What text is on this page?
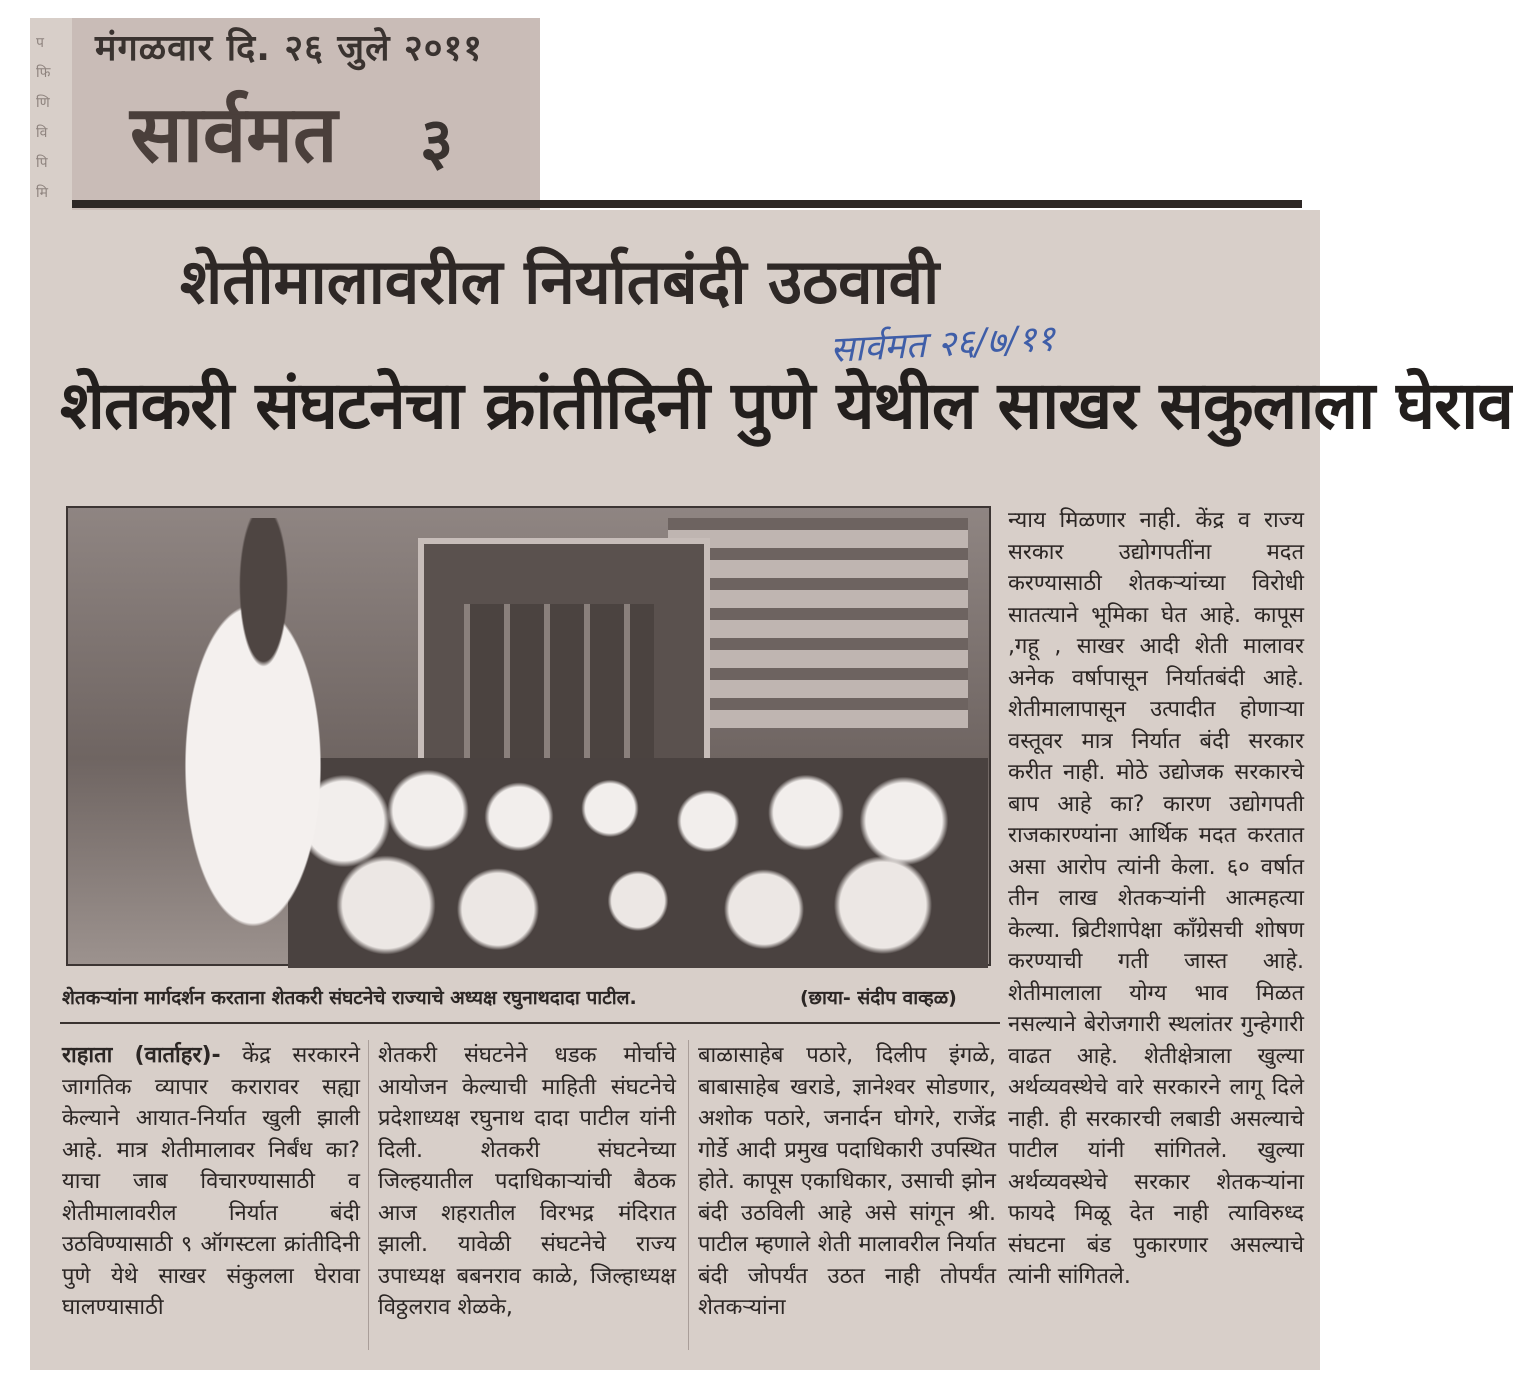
मंगळवार दि. २६ जुले २०११
सार्वमत ३
प
फि
णि
वि
पि
मि
शेतीमालावरील निर्यातबंदी उठवावी
सार्वमत २६/७/११
शेतकरी संघटनेचा क्रांतीदिनी पुणे येथील साखर सकुलाला घेराव
शेतकऱ्यांना मार्गदर्शन करताना शेतकरी संघटनेचे राज्याचे अध्यक्ष रघुनाथदादा पाटील.	(छाया- संदीप वाव्हळ)
न्याय मिळणार नाही. केंद्र व राज्य सरकार उद्योगपतींना मदत करण्यासाठी शेतकऱ्यांच्या विरोधी सातत्याने भूमिका घेत आहे. कापूस ,गहू , साखर आदी शेती मालावर अनेक वर्षापासून निर्यातबंदी आहे. शेतीमालापासून उत्पादीत होणाऱ्या वस्तूवर मात्र निर्यात बंदी सरकार करीत नाही. मोठे उद्योजक सरकारचे बाप आहे का? कारण उद्योगपती राजकारण्यांना आर्थिक मदत करतात असा आरोप त्यांनी केला. ६० वर्षात तीन लाख शेतकऱ्यांनी आत्महत्या केल्या. ब्रिटीशापेक्षा कॉंग्रेसची शोषण करण्याची गती जास्त आहे. शेतीमालाला योग्य भाव मिळत नसल्याने बेरोजगारी स्थलांतर गुन्हेगारी वाढत आहे. शेतीक्षेत्राला खुल्या अर्थव्यवस्थेचे वारे सरकारने लागू दिले नाही. ही सरकारची लबाडी असल्याचे पाटील यांनी सांगितले. खुल्या अर्थव्यवस्थेचे सरकार शेतकऱ्यांना फायदे मिळू देत नाही त्याविरुध्द संघटना बंड पुकारणार असल्याचे त्यांनी सांगितले.
राहाता (वार्ताहर)- केंद्र सरकारने जागतिक व्यापार करारावर सह्या केल्याने आयात-निर्यात खुली झाली आहे. मात्र शेतीमालावर निर्बंध का? याचा जाब विचारण्यासाठी व शेतीमालावरील निर्यात बंदी उठविण्यासाठी ९ ऑगस्टला क्रांतीदिनी पुणे येथे साखर संकुलला घेरावा घालण्यासाठी
शेतकरी संघटनेने धडक मोर्चाचे आयोजन केल्याची माहिती संघटनेचे प्रदेशाध्यक्ष रघुनाथ दादा पाटील यांनी दिली. शेतकरी संघटनेच्या जिल्हयातील पदाधिकाऱ्यांची बैठक आज शहरातील विरभद्र मंदिरात झाली. यावेळी संघटनेचे राज्य उपाध्यक्ष बबनराव काळे, जिल्हाध्यक्ष विठ्ठलराव शेळके,
बाळासाहेब पठारे, दिलीप इंगळे, बाबासाहेब खराडे, ज्ञानेश्वर सोडणार, अशोक पठारे, जनार्दन घोगरे, राजेंद्र गोर्डे आदी प्रमुख पदाधिकारी उपस्थित होते. कापूस एकाधिकार, उसाची झोन बंदी उठविली आहे असे सांगून श्री. पाटील म्हणाले शेती मालावरील निर्यात बंदी जोपर्यंत उठत नाही तोपर्यंत शेतकऱ्यांना
